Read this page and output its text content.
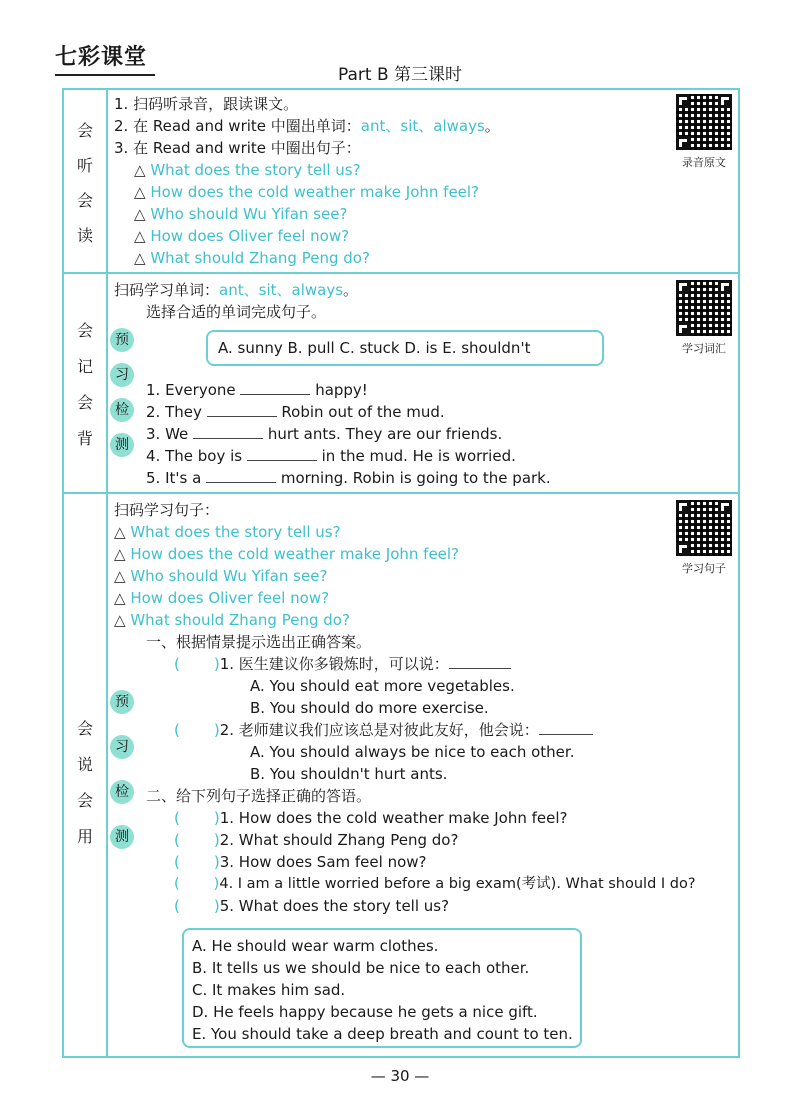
七彩课堂
Part B 第三课时
会
听
会
读
1. 扫码听录音，跟读课文。
2. 在 Read and write 中圈出单词：ant、sit、always。
3. 在 Read and write 中圈出句子：
△ What does the story tell us?
△ How does the cold weather make John feel?
△ Who should Wu Yifan see?
△ How does Oliver feel now?
△ What should Zhang Peng do?
录音原文
会
记
会
背
扫码学习单词：ant、sit、always。
选择合适的单词完成句子。
A. sunny B. pull C. stuck D. is E. shouldn't
预
习
检
测
1. Everyone	happy!
2. They	Robin out of the mud.
3. We	hurt ants. They are our friends.
4. The boy is	in the mud. He is worried.
5. It's a	morning. Robin is going to the park.
学习词汇
会
说
会
用
扫码学习句子：
△ What does the story tell us?
△ How does the cold weather make John feel?
△ Who should Wu Yifan see?
△ How does Oliver feel now?
△ What should Zhang Peng do?
学习句子
预
习
检
测
一、根据情景提示选出正确答案。
( )1. 医生建议你多锻炼时，可以说：
A. You should eat more vegetables.
B. You should do more exercise.
( )2. 老师建议我们应该总是对彼此友好，他会说：
A. You should always be nice to each other.
B. You shouldn't hurt ants.
二、给下列句子选择正确的答语。
( )1. How does the cold weather make John feel?
( )2. What should Zhang Peng do?
( )3. How does Sam feel now?
( )4. I am a little worried before a big exam(考试). What should I do?
( )5. What does the story tell us?
A. He should wear warm clothes.
B. It tells us we should be nice to each other.
C. It makes him sad.
D. He feels happy because he gets a nice gift.
E. You should take a deep breath and count to ten.
— 30 —
